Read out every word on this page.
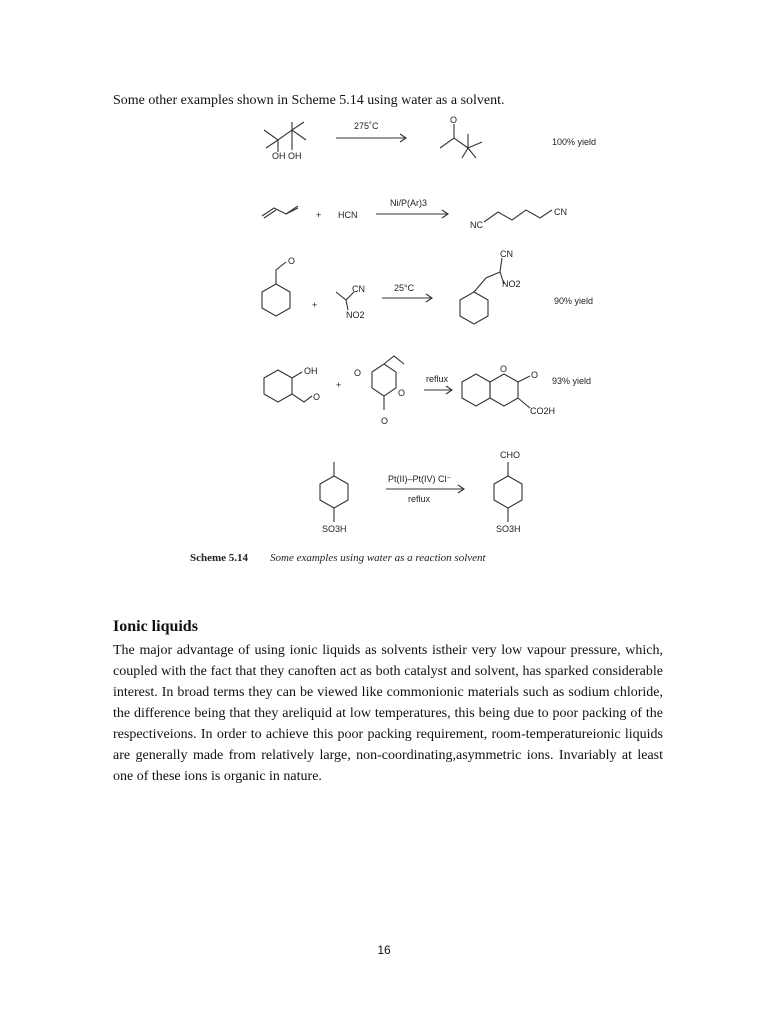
Some other examples shown in Scheme 5.14 using water as a solvent.
OH OH
275˚C
O
100% yield
+ HCN
Ni/P(Ar)3
NC
CN
O
+
CN
NO2
25°C
CN
NO2
90% yield
OH
O
+
O
O
O
reflux
O
O
CO2H
93% yield
SO3H
Pt(II)–Pt(IV) Cl⁻
reflux
CHO
SO3H
Scheme 5.14 Some examples using water as a reaction solvent
Ionic liquids
The major advantage of using ionic liquids as solvents istheir very low vapour pressure, which, coupled with the fact that they canoften act as both catalyst and solvent, has sparked considerable interest. In broad terms they can be viewed like commonionic materials such as sodium chloride, the difference being that they areliquid at low temperatures, this being due to poor packing of the respectiveions. In order to achieve this poor packing requirement, room-temperatureionic liquids are generally made from relatively large, non-coordinating,asymmetric ions. Invariably at least one of these ions is organic in nature.
16
